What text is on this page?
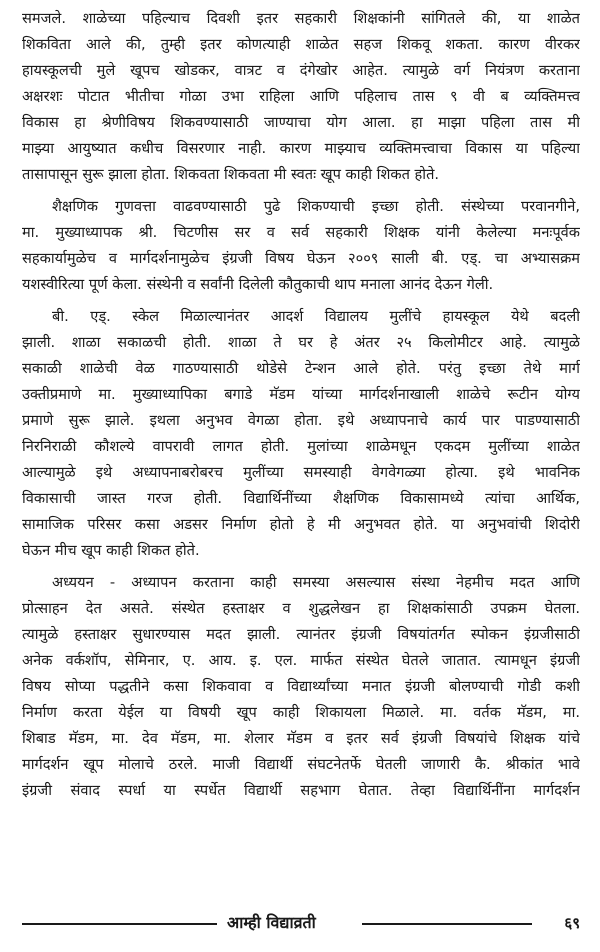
समजले. शाळेच्या पहिल्याच दिवशी इतर सहकारी शिक्षकांनी सांगितले की, या शाळेत
शिकविता आले की, तुम्ही इतर कोणत्याही शाळेत सहज शिकवू शकता. कारण वीरकर
हायस्कूलची मुले खूपच खोडकर, वात्रट व दंगेखोर आहेत. त्यामुळे वर्ग नियंत्रण करताना
अक्षरशः पोटात भीतीचा गोळा उभा राहिला आणि पहिलाच तास ९ वी ब व्यक्तिमत्त्व
विकास हा श्रेणीविषय शिकवण्यासाठी जाण्याचा योग आला. हा माझा पहिला तास मी
माझ्या आयुष्यात कधीच विसरणार नाही. कारण माझ्याच व्यक्तिमत्त्वाचा विकास या पहिल्या
तासापासून सुरू झाला होता. शिकवता शिकवता मी स्वतः खूप काही शिकत होते.
शैक्षणिक गुणवत्ता वाढवण्यासाठी पुढे शिकण्याची इच्छा होती. संस्थेच्या परवानगीने,
मा. मुख्याध्यापक श्री. चिटणीस सर व सर्व सहकारी शिक्षक यांनी केलेल्या मनःपूर्वक
सहकार्यामुळेच व मार्गदर्शनामुळेच इंग्रजी विषय घेऊन २००९ साली बी. एड्. चा अभ्यासक्रम
यशस्वीरित्या पूर्ण केला. संस्थेनी व सर्वांनी दिलेली कौतुकाची थाप मनाला आनंद देऊन गेली.
बी. एड्. स्केल मिळाल्यानंतर आदर्श विद्यालय मुलींचे हायस्कूल येथे बदली
झाली. शाळा सकाळची होती. शाळा ते घर हे अंतर २५ किलोमीटर आहे. त्यामुळे
सकाळी शाळेची वेळ गाठण्यासाठी थोडेसे टेन्शन आले होते. परंतु इच्छा तेथे मार्ग
उक्तीप्रमाणे मा. मुख्याध्यापिका बगाडे मॅडम यांच्या मार्गदर्शनाखाली शाळेचे रूटीन योग्य
प्रमाणे सुरू झाले. इथला अनुभव वेगळा होता. इथे अध्यापनाचे कार्य पार पाडण्यासाठी
निरनिराळी कौशल्ये वापरावी लागत होती. मुलांच्या शाळेमधून एकदम मुलींच्या शाळेत
आल्यामुळे इथे अध्यापनाबरोबरच मुलींच्या समस्याही वेगवेगळ्या होत्या. इथे भावनिक
विकासाची जास्त गरज होती. विद्यार्थिनींच्या शैक्षणिक विकासामध्ये त्यांचा आर्थिक,
सामाजिक परिसर कसा अडसर निर्माण होतो हे मी अनुभवत होते. या अनुभवांची शिदोरी
घेऊन मीच खूप काही शिकत होते.
अध्ययन - अध्यापन करताना काही समस्या असल्यास संस्था नेहमीच मदत आणि
प्रोत्साहन देत असते. संस्थेत हस्ताक्षर व शुद्धलेखन हा शिक्षकांसाठी उपक्रम घेतला.
त्यामुळे हस्ताक्षर सुधारण्यास मदत झाली. त्यानंतर इंग्रजी विषयांतर्गत स्पोकन इंग्रजीसाठी
अनेक वर्कशॉप, सेमिनार, ए. आय. इ. एल. मार्फत संस्थेत घेतले जातात. त्यामधून इंग्रजी
विषय सोप्या पद्धतीने कसा शिकवावा व विद्यार्थ्यांच्या मनात इंग्रजी बोलण्याची गोडी कशी
निर्माण करता येईल या विषयी खूप काही शिकायला मिळाले. मा. वर्तक मॅडम, मा.
शिबाड मॅडम, मा. देव मॅडम, मा. शेलार मॅडम व इतर सर्व इंग्रजी विषयांचे शिक्षक यांचे
मार्गदर्शन खूप मोलाचे ठरले. माजी विद्यार्थी संघटनेतर्फे घेतली जाणारी कै. श्रीकांत भावे
इंग्रजी संवाद स्पर्धा या स्पर्धेत विद्यार्थी सहभाग घेतात. तेव्हा विद्यार्थिनींना मार्गदर्शन
आम्ही विद्याव्रती	६९
